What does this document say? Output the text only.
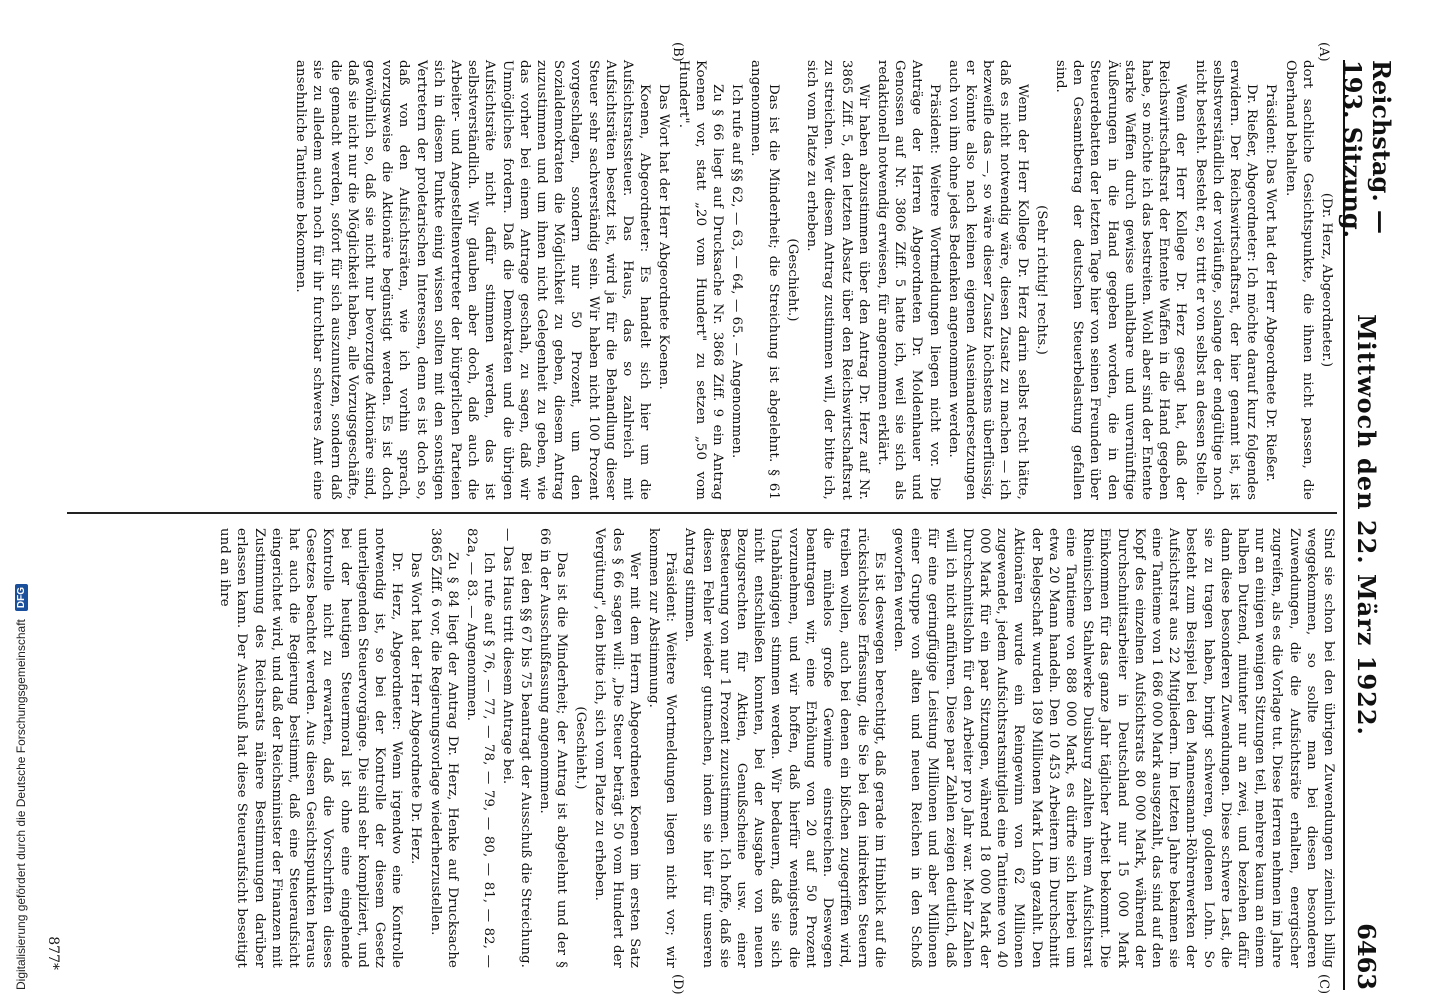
Reichstag. — 193. Sitzung.
Mittwoch den 22. März 1922.
6463
(A)
(B)
(C)
(D)

(Dr. Herz, Abgeordneter.)

dort sachliche Gesichtspunkte, die ihnen nicht passen, die Oberhand behalten.

Präsident: Das Wort hat der Herr Abgeordnete Dr. Rießer.

Dr. Rießer, Abgeordneter: Ich möchte darauf kurz folgendes erwidern. Der Reichswirtschaftsrat, der hier genannt ist, ist selbstverständlich der vorläufige, solange der endgültige noch nicht besteht. Besteht er, so tritt er von selbst an dessen Stelle.

Wenn der Herr Kollege Dr. Herz gesagt hat, daß der Reichswirtschaftsrat der Entente Waffen in die Hand gegeben habe, so möchte ich das bestreiten. Wohl aber sind der Entente starke Waffen durch gewisse unhaltbare und unvernünftige Äußerungen in die Hand gegeben worden, die in den Steuerdebatten der letzten Tage hier von seinen Freunden über den Gesamtbetrag der deutschen Steuerbelastung gefallen sind.

(Sehr richtig! rechts.)

Wenn der Herr Kollege Dr. Herz darin selbst recht hätte, daß es nicht notwendig wäre, diesen Zusatz zu machen — ich bezweifle das —, so wäre dieser Zusatz höchstens überflüssig, er könnte also nach keinen eigenen Auseinandersetzungen auch von ihm ohne jedes Bedenken angenommen werden.

Präsident: Weitere Wortmeldungen liegen nicht vor. Die Anträge der Herren Abgeordneten Dr. Moldenhauer und Genossen auf Nr. 3806 Ziff. 5 hatte ich, weil sie sich als redaktionell notwendig erwiesen, für angenommen erklärt.

Wir haben abzustimmen über den Antrag Dr. Herz auf Nr. 3865 Ziff. 5, den letzten Absatz über den Reichswirtschaftsrat zu streichen. Wer diesem Antrag zustimmen will, der bitte ich, sich vom Platze zu erheben.

(Geschieht.)

Das ist die Minderheit; die Streichung ist abgelehnt. § 61 angenommen.

Ich rufe auf §§ 62, — 63, — 64, — 65. — Angenommen.

Zu § 66 liegt auf Drucksache Nr. 3868 Ziff. 9 ein Antrag Koenen vor, statt „20 vom Hundert" zu setzen „50 vom Hundert".

Das Wort hat der Herr Abgeordnete Koenen.

Koenen, Abgeordneter: Es handelt sich hier um die Aufsichtsratssteuer. Das Haus, das so zahlreich mit Aufsichtsräten besetzt ist, wird ja für die Behandlung dieser Steuer sehr sachverständig sein. Wir haben nicht 100 Prozent vorgeschlagen, sondern nur 50 Prozent, um den Sozialdemokraten die Möglichkeit zu geben, diesem Antrag zuzustimmen und um ihnen nicht Gelegenheit zu geben, wie das vorher bei einem Antrage geschah, zu sagen, daß wir Unmögliches fordern. Daß die Demokraten und die übrigen Aufsichtsräte nicht dafür stimmen werden, das ist selbstverständlich. Wir glauben aber doch, daß auch die Arbeiter- und Angestelltenvertreter der bürgerlichen Parteien sich in diesem Punkte einig wissen sollten mit den sonstigen Vertretern der proletarischen Interessen, denn es ist doch so, daß von den Aufsichtsräten, wie ich vorhin sprach, vorzugsweise die Aktionäre begünstigt werden. Es ist doch gewöhnlich so, daß sie nicht nur bevorzugte Aktionäre sind, daß sie nicht nur die Möglichkeit haben, alle Vorzugsgeschäfte, die gemacht werden, sofort für sich auszunutzen, sondern daß sie zu alledem auch noch für ihr furchtbar schweres Amt eine ansehnliche Tantieme bekommen.

Sind sie schon bei den übrigen Zuwendungen ziemlich billig weggekommen, so sollte man bei diesen besonderen Zuwendungen, die die Aufsichtsräte erhalten, energischer zugreifen, als es die Vorlage tut. Diese Herren nehmen im Jahre nur an einigen wenigen Sitzungen teil, mehrere kaum an einem halben Dutzend, mitunter nur an zwei, und beziehen dafür dann diese besonderen Zuwendungen. Diese schwere Last, die sie zu tragen haben, bringt schweren, goldenen Lohn. So besteht zum Beispiel bei den Mannesmann-Röhrenwerken der Aufsichtsrat aus 22 Mitgliedern. Im letzten Jahre bekamen sie eine Tantieme von 1 686 000 Mark ausgezahlt, das sind auf den Kopf des einzelnen Aufsichtsrats 80 000 Mark, während der Durchschnittsarbeiter in Deutschland nur 15 000 Mark Einkommen für das ganze Jahr täglicher Arbeit bekommt. Die Rheinischen Stahlwerke Duisburg zahlten ihrem Aufsichtsrat eine Tantieme von 888 000 Mark, es dürfte sich hierbei um etwa 20 Mann handeln. Den 10 453 Arbeitern im Durchschnitt der Belegschaft wurden 189 Millionen Mark Lohn gezahlt. Den Aktionären wurde ein Reingewinn von 62 Millionen zugewendet, jedem Aufsichtsratsmitglied eine Tantieme von 40 000 Mark für ein paar Sitzungen, während 18 000 Mark der Durchschnittslohn für den Arbeiter pro Jahr war. Mehr Zahlen will ich nicht anführen. Diese paar Zahlen zeigen deutlich, daß für eine geringfügige Leistung Millionen und aber Millionen einer Gruppe von alten und neuen Reichen in den Schoß geworfen werden.

Es ist deswegen berechtigt, daß gerade im Hinblick auf die rücksichtslose Erfassung, die Sie bei den indirekten Steuern treiben wollen, auch bei denen ein bißchen zugegriffen wird, die mühelos große Gewinne einstreichen. Deswegen beantragen wir, eine Erhöhung von 20 auf 50 Prozent vorzunehmen, und wir hoffen, daß hierfür wenigstens die Unabhängigen stimmen werden. Wir bedauern, daß sie sich nicht entschließen konnten, bei der Ausgabe von neuen Bezugsrechten für Aktien, Genußscheine usw. einer Besteuerung von nur 1 Prozent zuzustimmen. Ich hoffe, daß sie diesen Fehler wieder gutmachen, indem sie hier für unseren Antrag stimmen.

Präsident: Weitere Wortmeldungen liegen nicht vor; wir kommen zur Abstimmung.

Wer mit dem Herrn Abgeordneten Koenen im ersten Satz des § 66 sagen will: „Die Steuer beträgt 50 vom Hundert der Vergütung", den bitte ich, sich vom Platze zu erheben.

(Geschieht.)

Das ist die Minderheit; der Antrag ist abgelehnt und der § 66 in der Ausschußfassung angenommen.

Bei den §§ 67 bis 75 beantragt der Ausschuß die Streichung. — Das Haus tritt diesem Antrage bei.

Ich rufe auf § 76, — 77, — 78, — 79, — 80, — 81, — 82, — 82a, — 83. — Angenommen.

Zu § 84 liegt der Antrag Dr. Herz, Henke auf Drucksache 3865 Ziff. 6 vor, die Regierungsvorlage wiederherzustellen.

Das Wort hat der Herr Abgeordnete Dr. Herz.

Dr. Herz, Abgeordneter: Wenn irgendwo eine Kontrolle notwendig ist, so bei der Kontrolle der diesem Gesetz unterliegenden Steuervorgänge. Die sind sehr kompliziert, und bei der heutigen Steuermoral ist ohne eine eingehende Kontrolle nicht zu erwarten, daß die Vorschriften dieses Gesetzes beachtet werden. Aus diesen Gesichtspunkten heraus hat auch die Regierung bestimmt, daß eine Steueraufsicht eingerichtet wird, und daß der Reichsminister der Finanzen mit Zustimmung des Reichsrats nähere Bestimmungen darüber erlassen kann. Der Ausschuß hat diese Steueraufsicht beseitigt und an ihre

877*
Digitalisierung gefördert durch die Deutsche Forschungsgemeinschaft
DFG
